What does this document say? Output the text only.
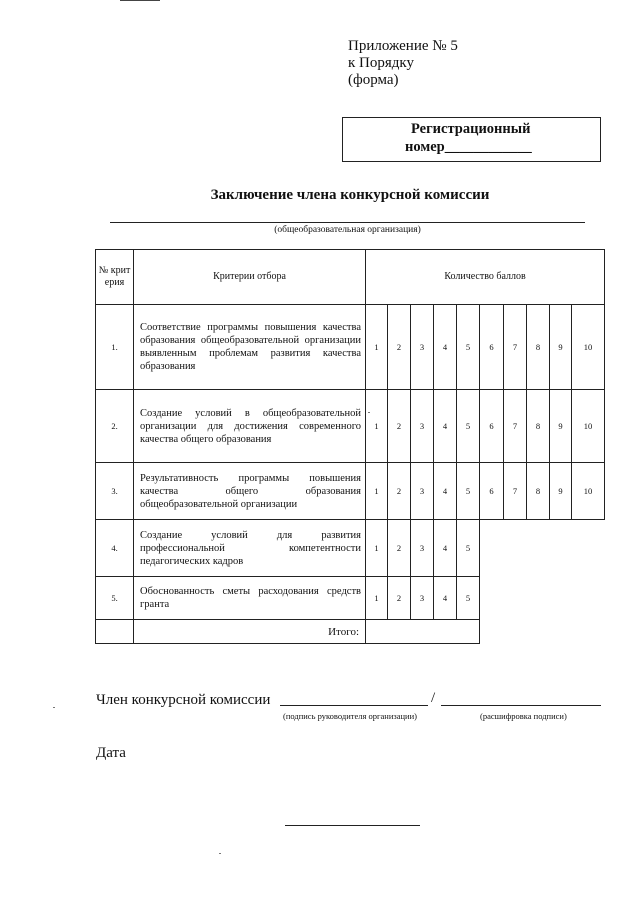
Приложение № 5
к Порядку
(форма)
Регистрационный
номер____________
Заключение члена конкурсной комиссии
(общеобразовательная организация)
№ крит ерия	Критерии отбора	Количество баллов									
1.	Соответствие программы повышения качества образования общеобразовательной организации выявленным проблемам развития качества образования	1	2	3	4	5	6	7	8	9	10
2.	Создание условий в общеобразовательной организации для достижения современного качества общего образования	1	2	3	4	5	6	7	8	9	10
3.	Результативность программы повышения качества общего образования общеобразовательной организации	1	2	3	4	5	6	7	8	9	10
4.	Создание условий для развития профессиональной компетентности педагогических кадров	1	2	3	4	5					
5.	Обоснованность сметы расходования средств гранта	1	2	3	4	5					
	Итого:										
Член конкурсной комиссии	/
(подпись руководителя организации)	(расшифровка подписи)
Дата
